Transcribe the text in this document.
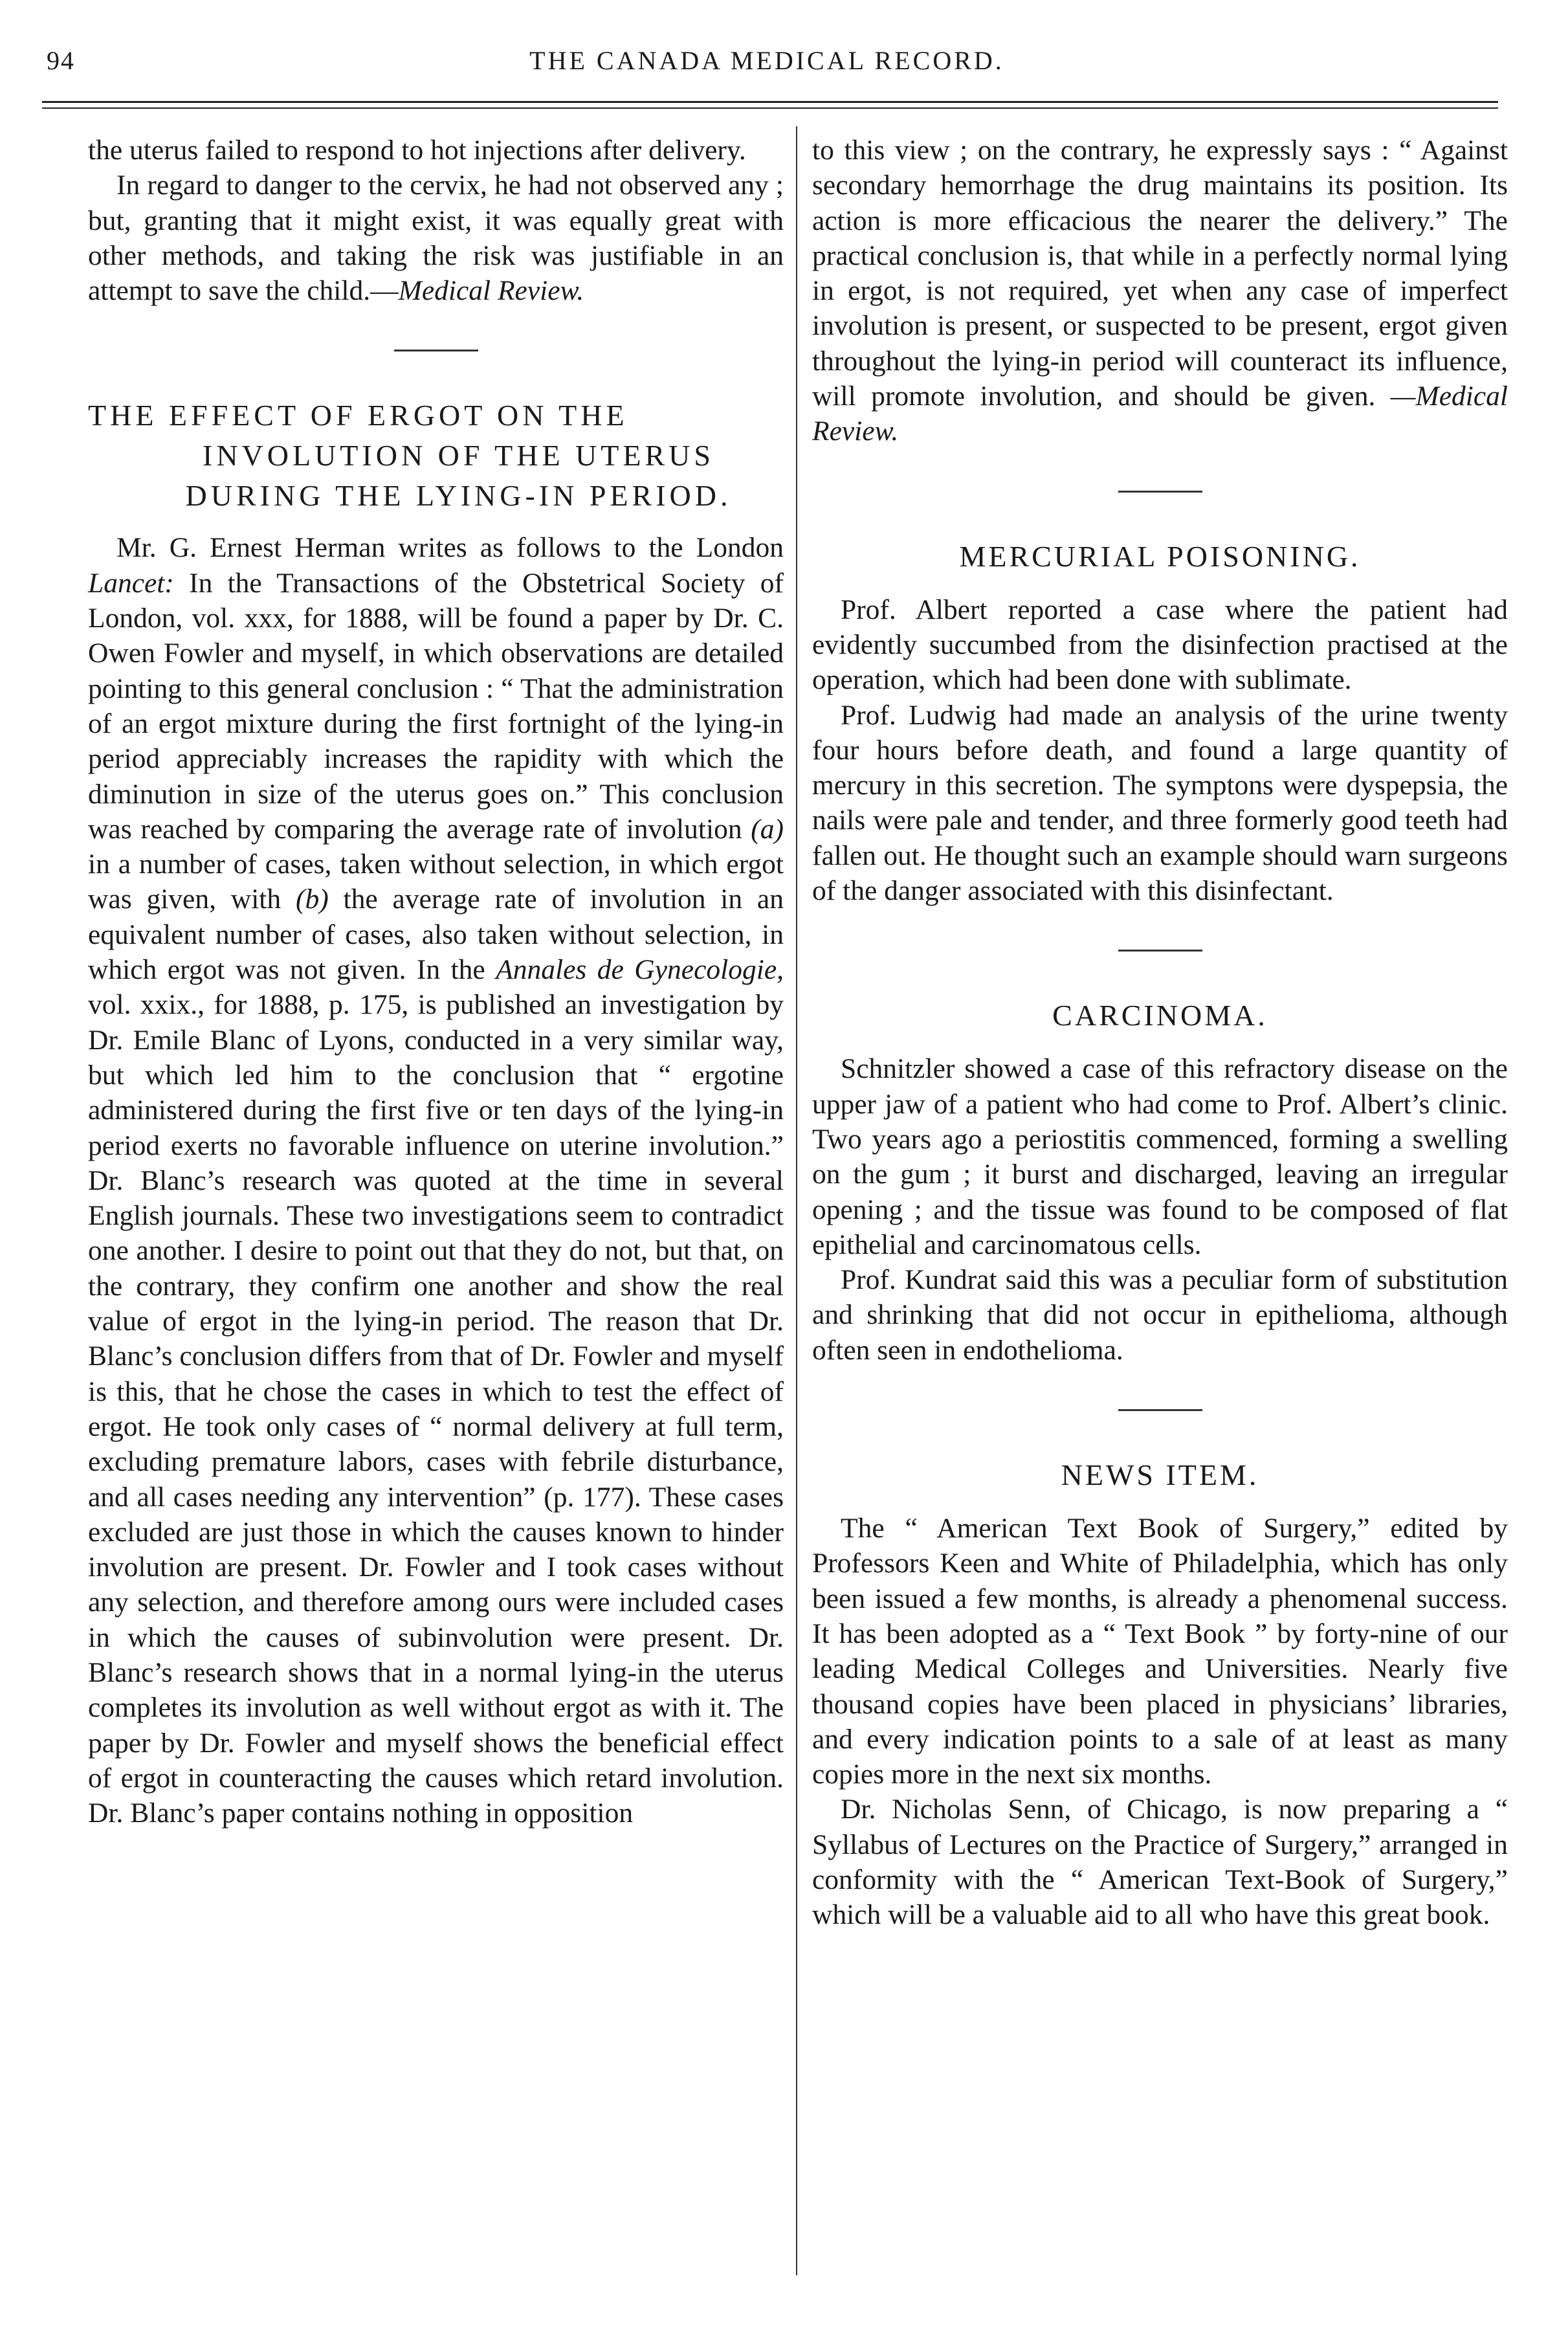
94	THE CANADA MEDICAL RECORD.

the uterus failed to respond to hot injections after delivery.

In regard to danger to the cervix, he had not observed any ; but, granting that it might exist, it was equally great with other methods, and taking the risk was justifiable in an attempt to save the child.—Medical Review.

THE EFFECT OF ERGOT ON THE
INVOLUTION OF THE UTERUS
DURING THE LYING-IN PERIOD.

Mr. G. Ernest Herman writes as follows to the London Lancet: In the Transactions of the Obstetrical Society of London, vol. xxx, for 1888, will be found a paper by Dr. C. Owen Fowler and myself, in which observations are detailed pointing to this general conclusion : “ That the administration of an ergot mixture during the first fortnight of the lying-in period appreciably increases the rapidity with which the diminution in size of the uterus goes on.” This conclusion was reached by comparing the average rate of involution (a) in a number of cases, taken without selection, in which ergot was given, with (b) the average rate of involution in an equivalent number of cases, also taken without selection, in which ergot was not given. In the Annales de Gynecologie, vol. xxix., for 1888, p. 175, is published an investigation by Dr. Emile Blanc of Lyons, conducted in a very similar way, but which led him to the conclusion that “ ergotine administered during the first five or ten days of the lying-in period exerts no favorable influence on uterine involution.” Dr. Blanc’s research was quoted at the time in several English journals. These two investigations seem to contradict one another. I desire to point out that they do not, but that, on the contrary, they confirm one another and show the real value of ergot in the lying-in period. The reason that Dr. Blanc’s conclusion differs from that of Dr. Fowler and myself is this, that he chose the cases in which to test the effect of ergot. He took only cases of “ normal delivery at full term, excluding premature labors, cases with febrile disturbance, and all cases needing any intervention” (p. 177). These cases excluded are just those in which the causes known to hinder involution are present. Dr. Fowler and I took cases without any selection, and therefore among ours were included cases in which the causes of subinvolution were present. Dr. Blanc’s research shows that in a normal lying-in the uterus completes its involution as well without ergot as with it. The paper by Dr. Fowler and myself shows the beneficial effect of ergot in counteracting the causes which retard involution. Dr. Blanc’s paper contains nothing in opposition

to this view ; on the contrary, he expressly says : “ Against secondary hemorrhage the drug maintains its position. Its action is more efficacious the nearer the delivery.” The practical conclusion is, that while in a perfectly normal lying in ergot, is not required, yet when any case of imperfect involution is present, or suspected to be present, ergot given throughout the lying-in period will counteract its influence, will promote involution, and should be given. —Medical Review.

MERCURIAL POISONING.

Prof. Albert reported a case where the patient had evidently succumbed from the disinfection practised at the operation, which had been done with sublimate.

Prof. Ludwig had made an analysis of the urine twenty four hours before death, and found a large quantity of mercury in this secretion. The symptons were dyspepsia, the nails were pale and tender, and three formerly good teeth had fallen out. He thought such an example should warn surgeons of the danger associated with this disinfectant.

CARCINOMA.

Schnitzler showed a case of this refractory disease on the upper jaw of a patient who had come to Prof. Albert’s clinic. Two years ago a periostitis commenced, forming a swelling on the gum ; it burst and discharged, leaving an irregular opening ; and the tissue was found to be composed of flat epithelial and carcinomatous cells.

Prof. Kundrat said this was a peculiar form of substitution and shrinking that did not occur in epithelioma, although often seen in endothelioma.

NEWS ITEM.

The “ American Text Book of Surgery,” edited by Professors Keen and White of Philadelphia, which has only been issued a few months, is already a phenomenal success. It has been adopted as a “ Text Book ” by forty-nine of our leading Medical Colleges and Universities. Nearly five thousand copies have been placed in physicians’ libraries, and every indication points to a sale of at least as many copies more in the next six months.

Dr. Nicholas Senn, of Chicago, is now preparing a “ Syllabus of Lectures on the Practice of Surgery,” arranged in conformity with the “ American Text-Book of Surgery,” which will be a valuable aid to all who have this great book.
